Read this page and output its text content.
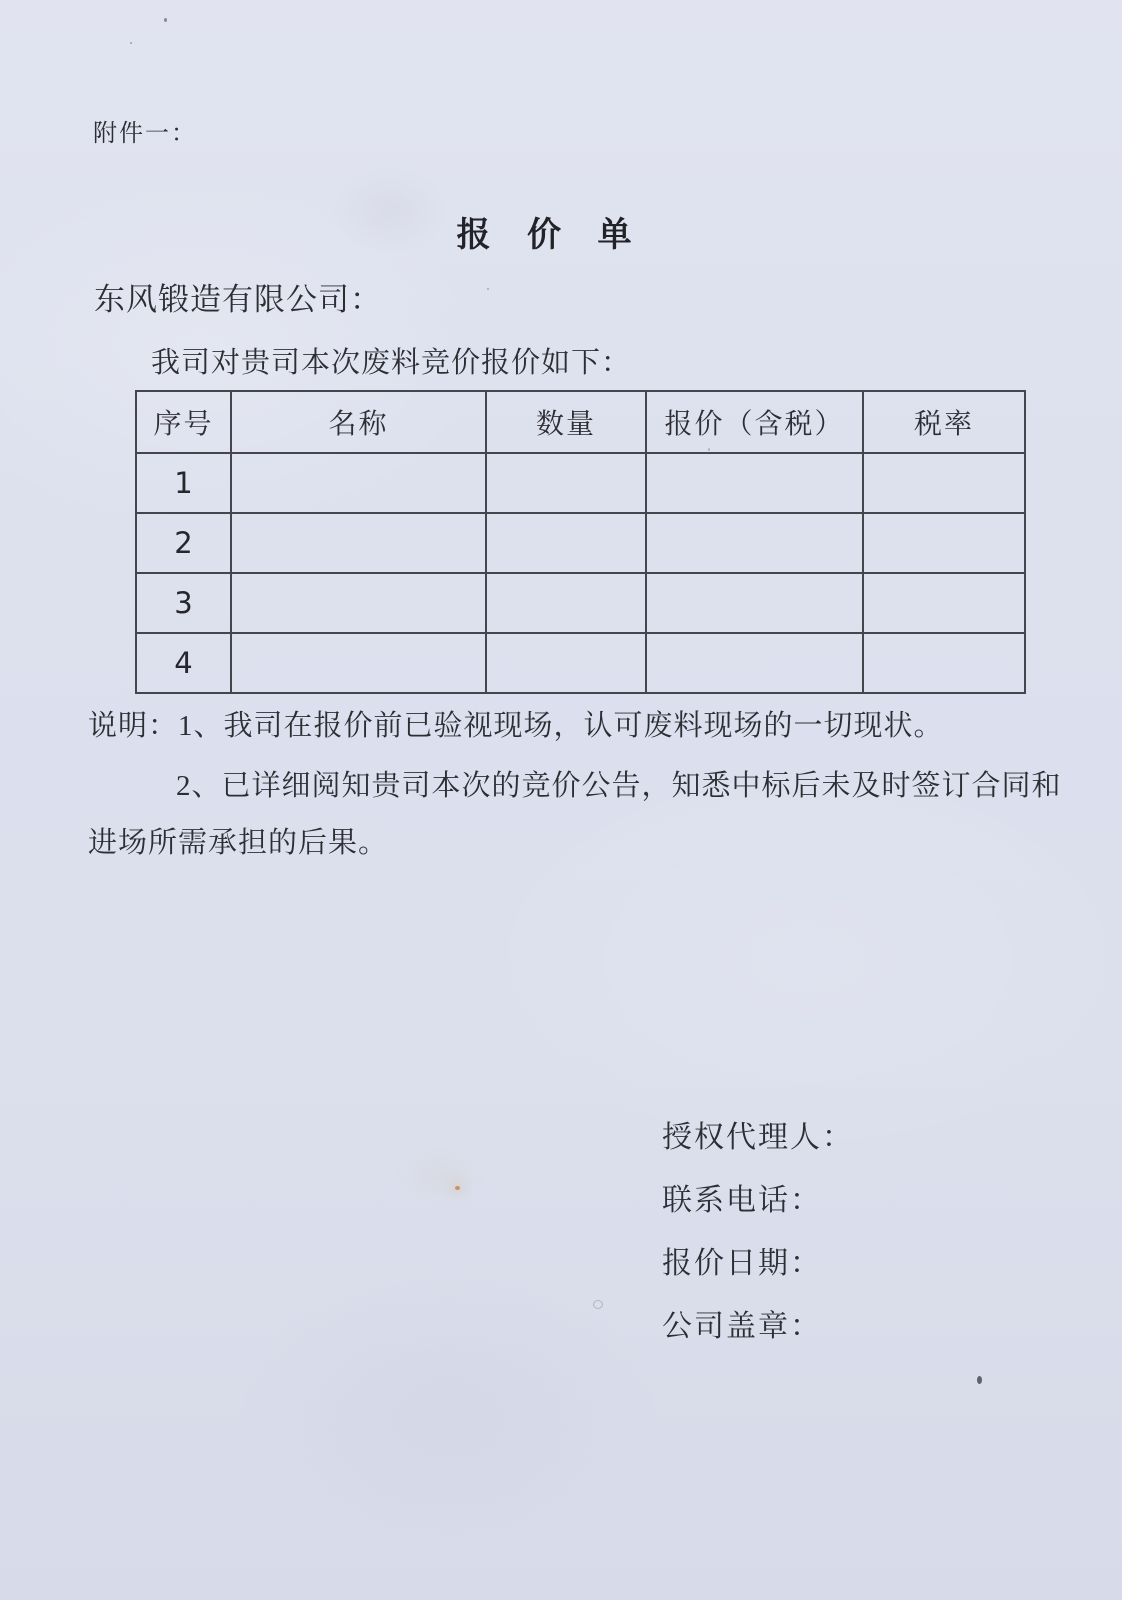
附件一：
报 价 单
东风锻造有限公司：
我司对贵司本次废料竞价报价如下：
序号	名称	数量	报价（含税）	税率
1				
2				
3				
4				
说明：1、我司在报价前已验视现场，认可废料现场的一切现状。
2、已详细阅知贵司本次的竞价公告，知悉中标后未及时签订合同和
进场所需承担的后果。
授权代理人：
联系电话：
报价日期：
公司盖章：
